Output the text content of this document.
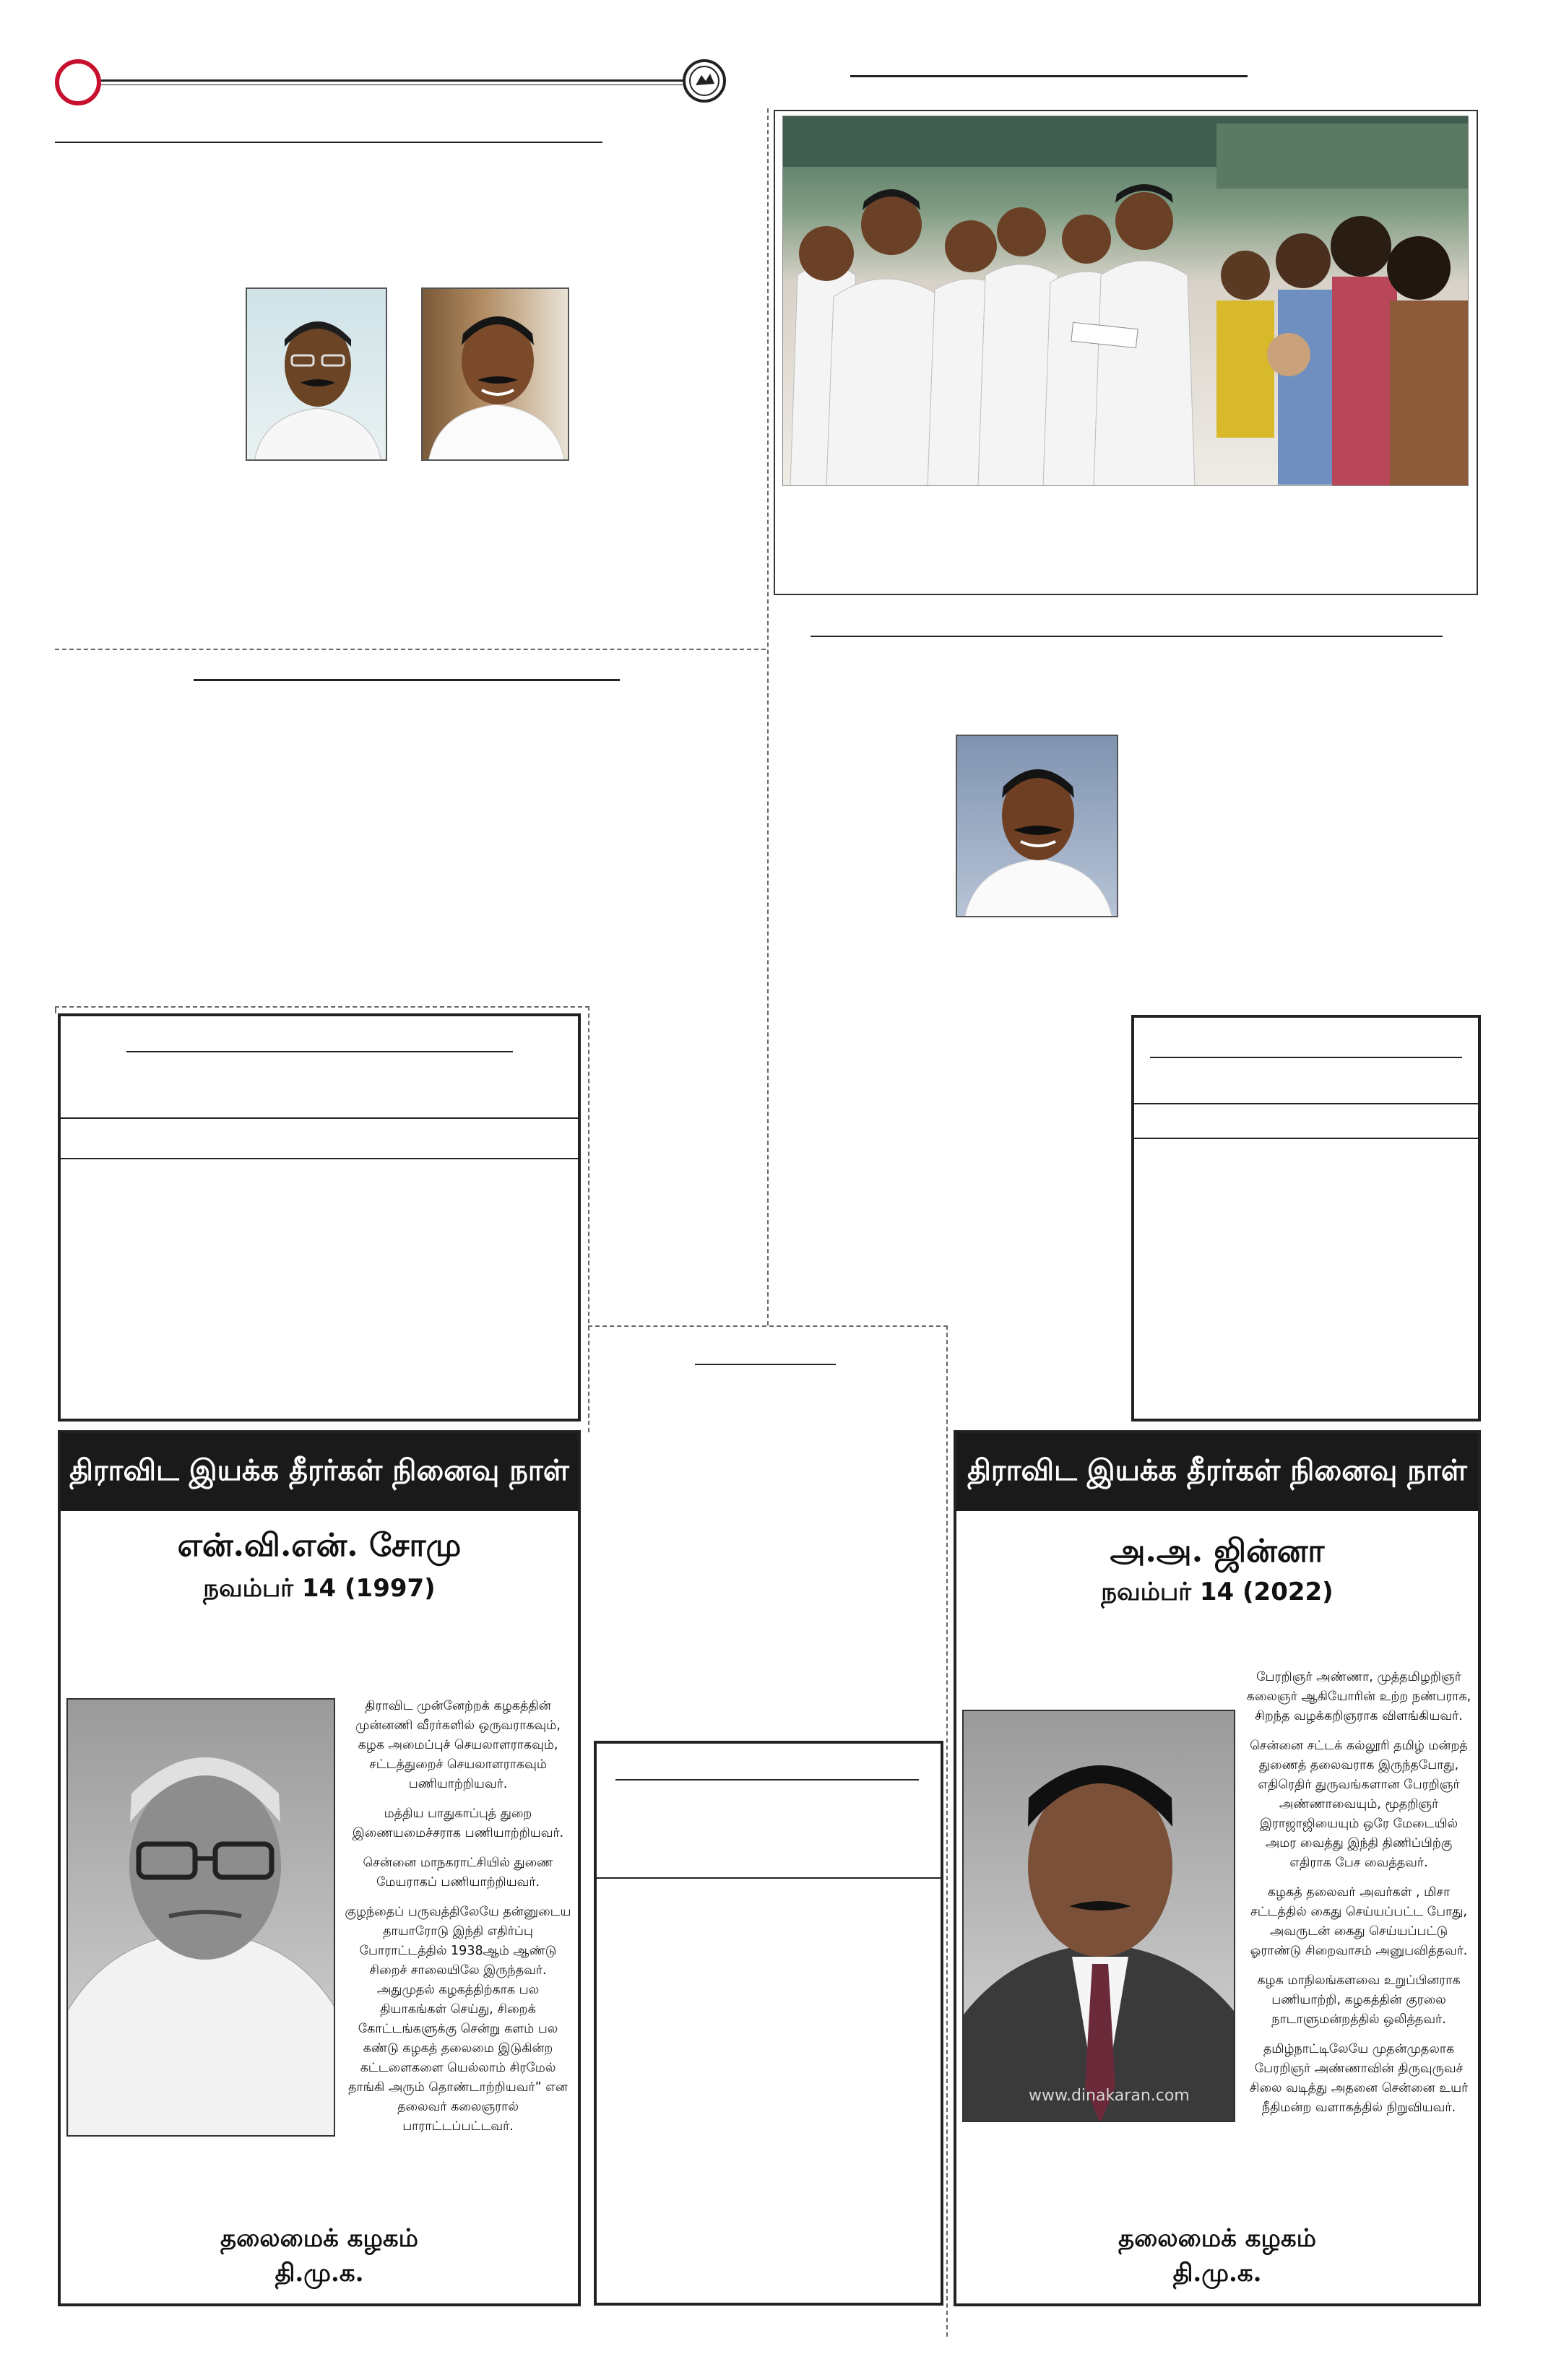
திராவிட இயக்க தீரர்கள் நினைவு நாள்
என்.வி.என். சோமு
நவம்பர் 14 (1997)

திராவிட முன்னேற்றக் கழகத்தின் முன்னணி வீரர்களில் ஒருவராகவும், கழக அமைப்புச் செயலாளராகவும், சட்டத்துறைச் செயலாளராகவும் பணியாற்றியவர்.

மத்திய பாதுகாப்புத் துறை இணையமைச்சராக பணியாற்றியவர்.

சென்னை மாநகராட்சியில் துணை மேயராகப் பணியாற்றியவர்.

குழந்தைப் பருவத்திலேயே தன்னுடைய தாயாரோடு இந்தி எதிர்ப்பு போராட்டத்தில் 1938ஆம் ஆண்டு சிறைச் சாலையிலே இருந்தவர். அதுமுதல் கழகத்திற்காக பல தியாகங்கள் செய்து, சிறைக் கோட்டங்களுக்கு சென்று களம் பல கண்டு கழகத் தலைமை இடுகின்ற கட்டளைகளை யெல்லாம் சிரமேல் தாங்கி அரும் தொண்டாற்றியவர்” என தலைவர் கலைஞரால் பாராட்டப்பட்டவர்.

தலைமைக் கழகம்
தி.மு.க.
திராவிட இயக்க தீரர்கள் நினைவு நாள்
அ.அ. ஜின்னா
நவம்பர் 14 (2022)
www.dinakaran.com

பேரறிஞர் அண்ணா, முத்தமிழறிஞர் கலைஞர் ஆகியோரின் உற்ற நண்பராக, சிறந்த வழக்கறிஞராக விளங்கியவர்.

சென்னை சட்டக் கல்லூரி தமிழ் மன்றத் துணைத் தலைவராக இருந்தபோது, எதிரெதிர் துருவங்களான பேரறிஞர் அண்ணாவையும், மூதறிஞர் இராஜாஜியையும் ஒரே மேடையில் அமர வைத்து இந்தி திணிப்பிற்கு எதிராக பேச வைத்தவர்.

கழகத் தலைவர் அவர்கள் , மிசா சட்டத்தில் கைது செய்யப்பட்ட போது, அவருடன் கைது செய்யப்பட்டு ஓராண்டு சிறைவாசம் அனுபவித்தவர்.

கழக மாநிலங்களவை உறுப்பினராக பணியாற்றி, கழகத்தின் குரலை நாடாளுமன்றத்தில் ஒலித்தவர்.

தமிழ்நாட்டிலேயே முதன்முதலாக பேரறிஞர் அண்ணாவின் திருவுருவச் சிலை வடித்து அதனை சென்னை உயர் நீதிமன்ற வளாகத்தில் நிறுவியவர்.

தலைமைக் கழகம்
தி.மு.க.
